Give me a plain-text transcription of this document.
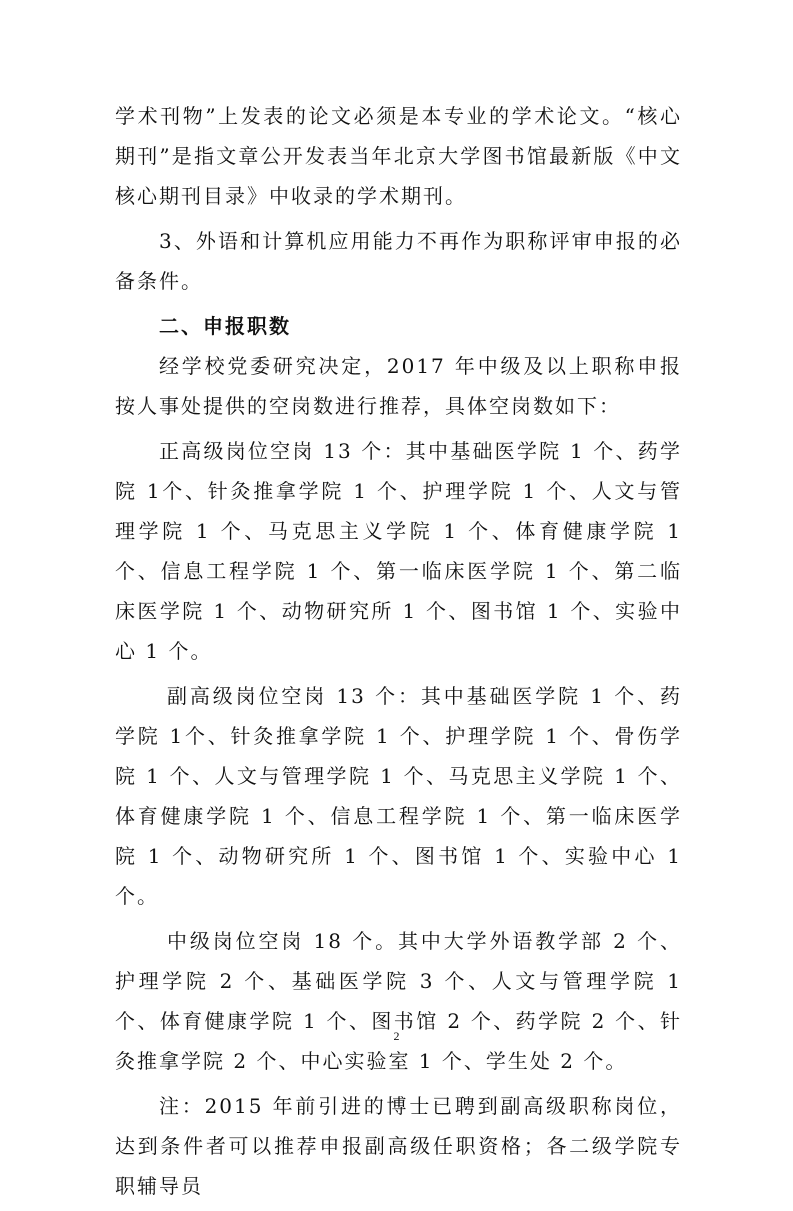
学术刊物”上发表的论文必须是本专业的学术论文。“核心期刊”是指文章公开发表当年北京大学图书馆最新版《中文核心期刊目录》中收录的学术期刊。

3、外语和计算机应用能力不再作为职称评审申报的必备条件。

二、申报职数

经学校党委研究决定，2017 年中级及以上职称申报按人事处提供的空岗数进行推荐，具体空岗数如下：

正高级岗位空岗 13 个：其中基础医学院 1 个、药学院 1个、针灸推拿学院 1 个、护理学院 1 个、人文与管理学院 1 个、马克思主义学院 1 个、体育健康学院 1 个、信息工程学院 1 个、第一临床医学院 1 个、第二临床医学院 1 个、动物研究所 1 个、图书馆 1 个、实验中心 1 个。

副高级岗位空岗 13 个：其中基础医学院 1 个、药学院 1个、针灸推拿学院 1 个、护理学院 1 个、骨伤学院 1 个、人文与管理学院 1 个、马克思主义学院 1 个、体育健康学院 1 个、信息工程学院 1 个、第一临床医学院 1 个、动物研究所 1 个、图书馆 1 个、实验中心 1 个。

中级岗位空岗 18 个。其中大学外语教学部 2 个、护理学院 2 个、基础医学院 3 个、人文与管理学院 1 个、体育健康学院 1 个、图书馆 2 个、药学院 2 个、针灸推拿学院 2 个、中心实验室 1 个、学生处 2 个。

注：2015 年前引进的博士已聘到副高级职称岗位，达到条件者可以推荐申报副高级任职资格；各二级学院专职辅导员

2
